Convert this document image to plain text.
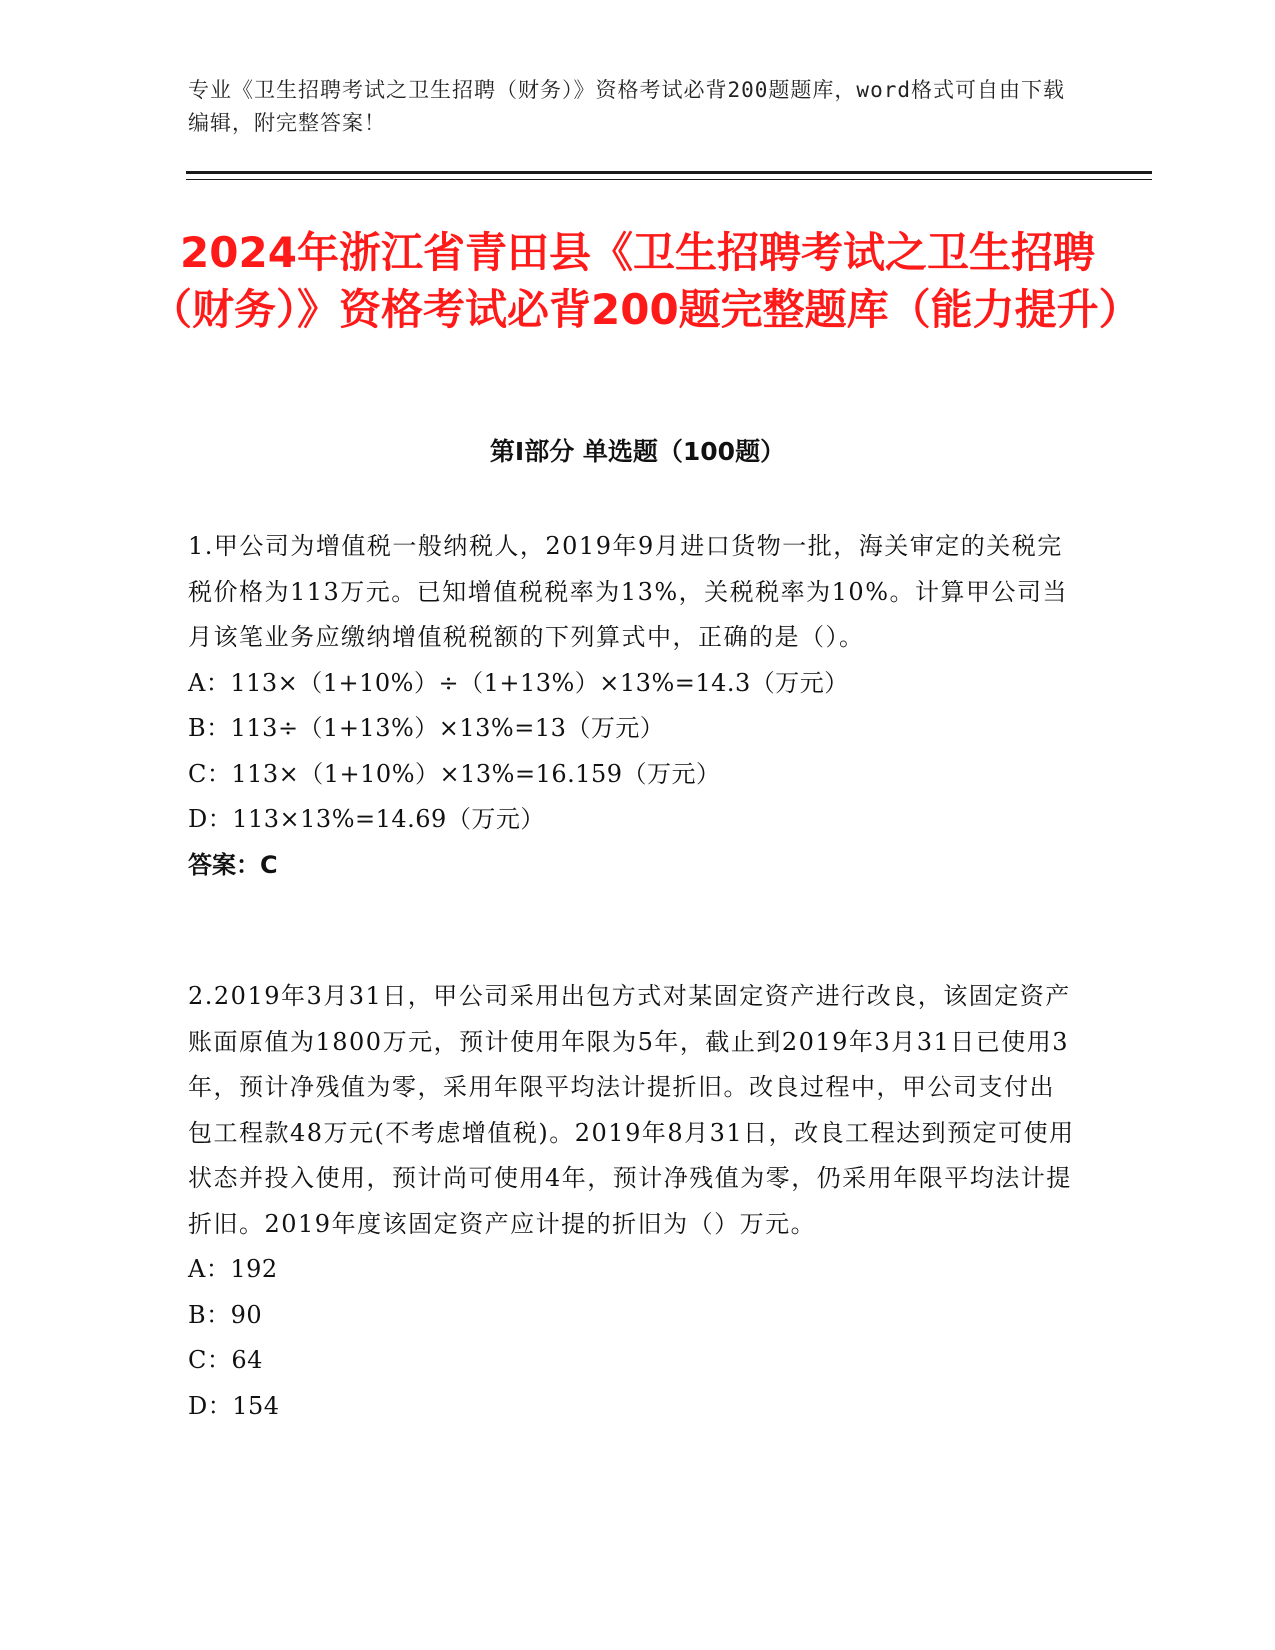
专业《卫生招聘考试之卫生招聘（财务）》资格考试必背200题题库，word格式可自由下载编辑，附完整答案！
2024年浙江省青田县《卫生招聘考试之卫生招聘（财务）》资格考试必背200题完整题库（能力提升）
第Ⅰ部分 单选题（100题）
1.甲公司为增值税一般纳税人，2019年9月进口货物一批，海关审定的关税完税价格为113万元。已知增值税税率为13%，关税税率为10%。计算甲公司当月该笔业务应缴纳增值税税额的下列算式中，正确的是（）。
A：113×（1+10%）÷（1+13%）×13%=14.3（万元）
B：113÷（1+13%）×13%=13（万元）
C：113×（1+10%）×13%=16.159（万元）
D：113×13%=14.69（万元）
答案：C
2.2019年3月31日，甲公司采用出包方式对某固定资产进行改良，该固定资产账面原值为1800万元，预计使用年限为5年，截止到2019年3月31日已使用3年，预计净残值为零，采用年限平均法计提折旧。改良过程中，甲公司支付出包工程款48万元(不考虑增值税)。2019年8月31日，改良工程达到预定可使用状态并投入使用，预计尚可使用4年，预计净残值为零，仍采用年限平均法计提折旧。2019年度该固定资产应计提的折旧为（）万元。
A：192
B：90
C：64
D：154
